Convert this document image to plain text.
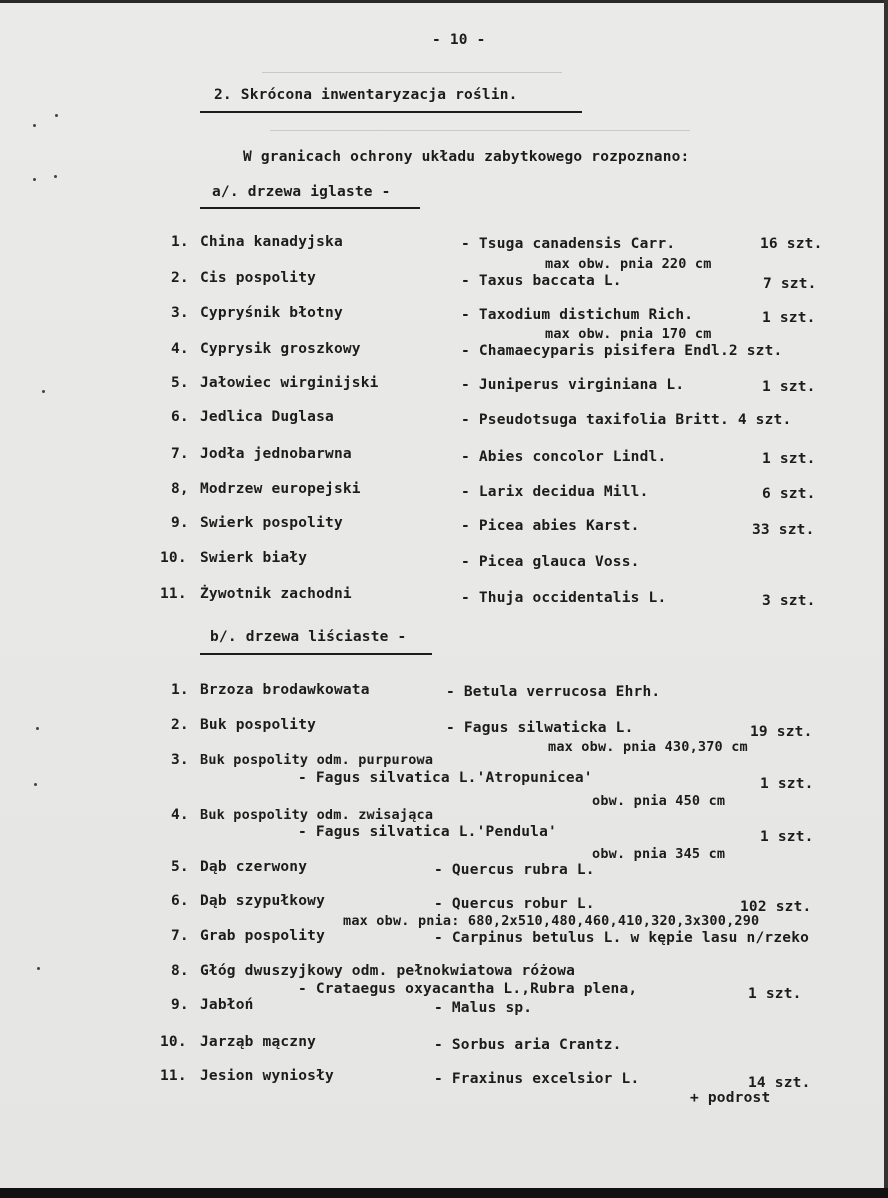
- 10 -
2. Skrócona inwentaryzacja roślin.
W granicach ochrony układu zabytkowego rozpoznano:
a/. drzewa iglaste -
1. China kanadyjska	- Tsuga canadensis Carr.	16 szt.
max obw. pnia 220 cm
2. Cis pospolity	- Taxus baccata L.	7 szt.
3. Cypryśnik błotny	- Taxodium distichum Rich.	1 szt.
max obw. pnia 170 cm
4. Cyprysik groszkowy	- Chamaecyparis pisifera Endl.2 szt.
5. Jałowiec wirginijski	- Juniperus virginiana L.	1 szt.
6. Jedlica Duglasa	- Pseudotsuga taxifolia Britt. 4 szt.
7. Jodła jednobarwna	- Abies concolor Lindl.	1 szt.
8, Modrzew europejski	- Larix decidua Mill.	6 szt.
9. Swierk pospolity	- Picea abies Karst.	33 szt.
10. Swierk biały	- Picea glauca Voss.
11. Żywotnik zachodni	- Thuja occidentalis L.	3 szt.
b/. drzewa liściaste -
1. Brzoza brodawkowata	- Betula verrucosa Ehrh.
2. Buk pospolity	- Fagus silwaticka L.	19 szt.
max obw. pnia 430,370 cm
3. Buk pospolity odm. purpurowa
- Fagus silvatica L.'Atropunicea'	1 szt.
obw. pnia 450 cm
4. Buk pospolity odm. zwisająca
- Fagus silvatica L.'Pendula'	1 szt.
obw. pnia 345 cm
5. Dąb czerwony	- Quercus rubra L.
6. Dąb szypułkowy	- Quercus robur L.	102 szt.
max obw. pnia: 680,2x510,480,460,410,320,3x300,290
7. Grab pospolity	- Carpinus betulus L. w kępie lasu n/rzeko
8. Głóg dwuszyjkowy odm. pełnokwiatowa różowa
- Crataegus oxyacantha L.,Rubra plena,	1 szt.
9. Jabłoń	- Malus sp.
10. Jarząb mączny	- Sorbus aria Crantz.
11. Jesion wyniosły	- Fraxinus excelsior L.	14 szt.
+ podrost
